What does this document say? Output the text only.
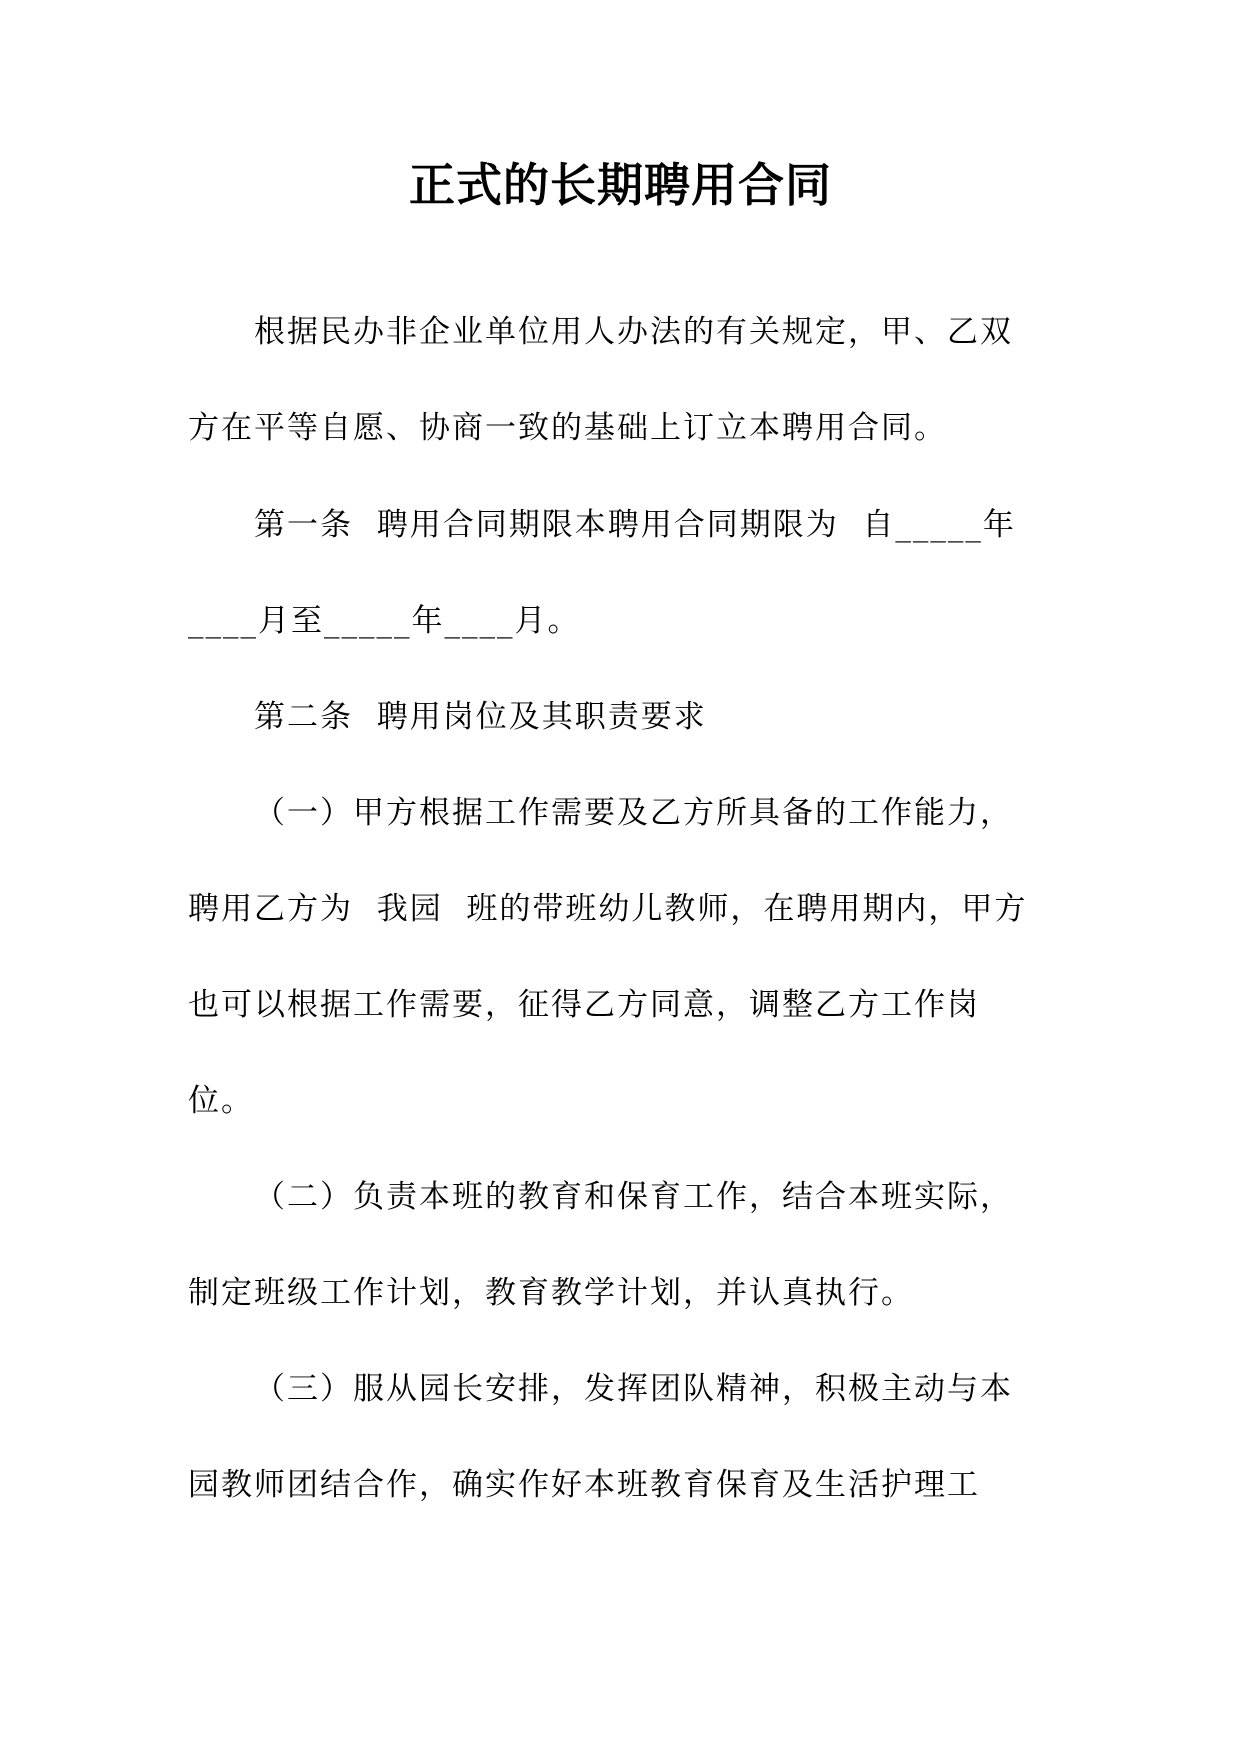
正式的长期聘用合同
根据民办非企业单位用人办法的有关规定，甲、乙双
方在平等自愿、协商一致的基础上订立本聘用合同。
第一条  聘用合同期限本聘用合同期限为  自_____年
____月至_____年____月。
第二条  聘用岗位及其职责要求
（一）甲方根据工作需要及乙方所具备的工作能力，
聘用乙方为  我园  班的带班幼儿教师，在聘用期内，甲方
也可以根据工作需要，征得乙方同意，调整乙方工作岗
位。
（二）负责本班的教育和保育工作，结合本班实际，
制定班级工作计划，教育教学计划，并认真执行。
（三）服从园长安排，发挥团队精神，积极主动与本
园教师团结合作，确实作好本班教育保育及生活护理工
